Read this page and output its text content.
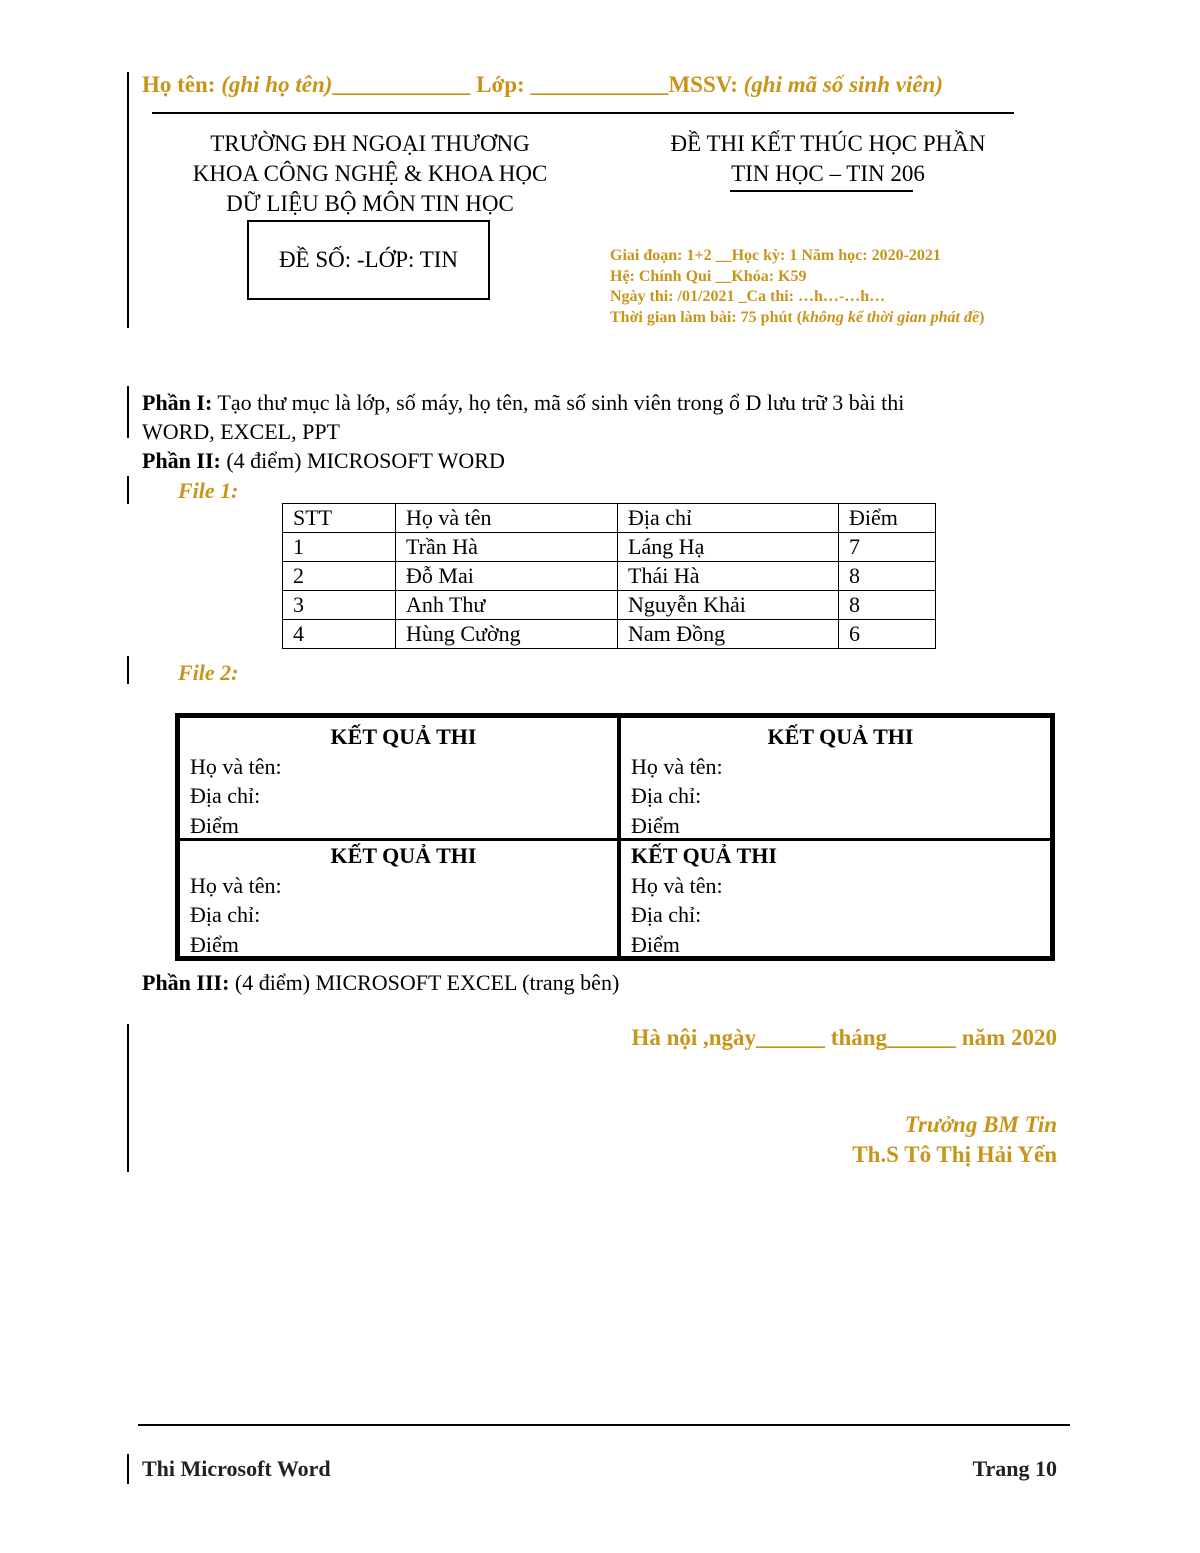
Họ tên: (ghi họ tên)____________ Lớp: ____________MSSV: (ghi mã số sinh viên)
TRƯỜNG ĐH NGOẠI THƯƠNG
KHOA CÔNG NGHỆ & KHOA HỌC
DỮ LIỆU BỘ MÔN TIN HỌC
ĐỀ THI KẾT THÚC HỌC PHẦN
TIN HỌC – TIN 206
ĐỀ SỐ: -LỚP: TIN	Giai đoạn: 1+2 __Học kỳ: 1 Năm học: 2020-2021
Hệ: Chính Qui __Khóa: K59
Ngày thi: /01/2021 _Ca thi: …h…-…h…
Thời gian làm bài: 75 phút (không kể thời gian phát đề)
Phần I: Tạo thư mục là lớp, số máy, họ tên, mã số sinh viên trong ổ D lưu trữ 3 bài thi
WORD, EXCEL, PPT
Phần II: (4 điểm) MICROSOFT WORD
File 1:
STT	Họ và tên	Địa chỉ	Điểm
1	Trần Hà	Láng Hạ	7
2	Đỗ Mai	Thái Hà	8
3	Anh Thư	Nguyễn Khải	8
4	Hùng Cường	Nam Đồng	6
File 2:
KẾT QUẢ THI
Họ và tên:
Địa chỉ:
Điểm
KẾT QUẢ THI
Họ và tên:
Địa chỉ:
Điểm
KẾT QUẢ THI
Họ và tên:
Địa chỉ:
Điểm
KẾT QUẢ THI
Họ và tên:
Địa chỉ:
Điểm
Phần III: (4 điểm) MICROSOFT EXCEL (trang bên)
Hà nội ,ngày______ tháng______ năm 2020
Trưởng BM Tin
Th.S Tô Thị Hải Yến
Thi Microsoft Word	Trang 10
